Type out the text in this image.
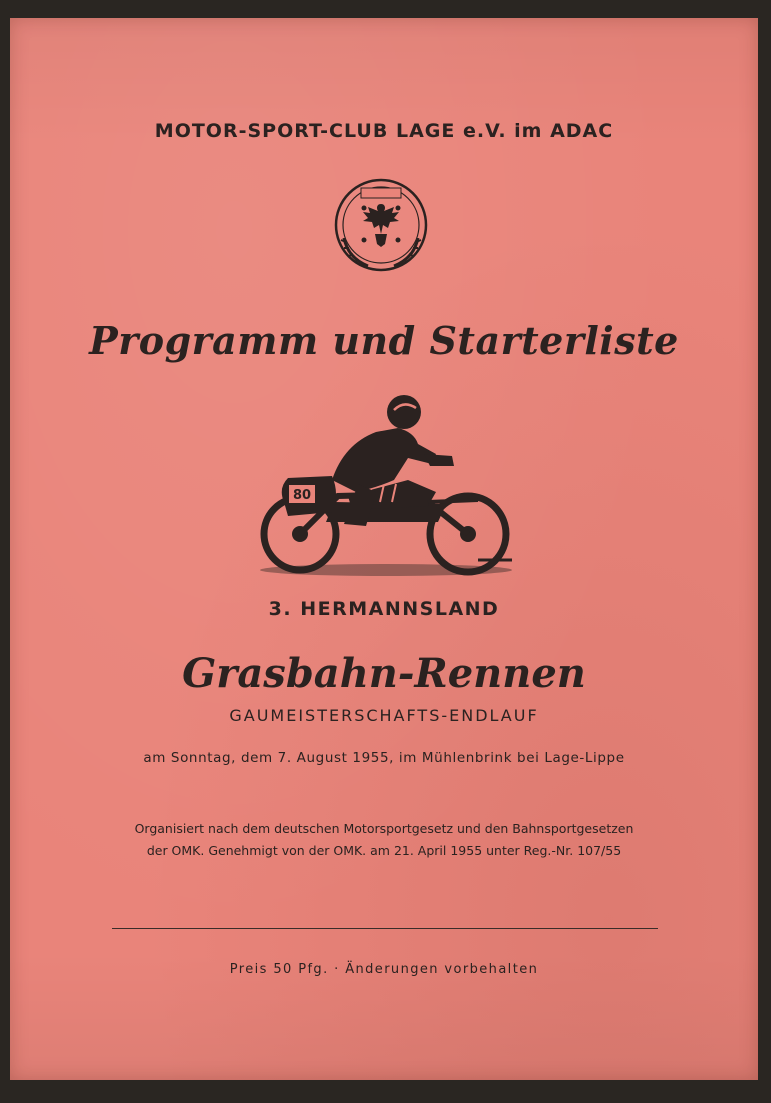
MOTOR-SPORT-CLUB LAGE e.V. im ADAC
Programm und Starterliste
80
3. HERMANNSLAND
Grasbahn-Rennen
GAUMEISTERSCHAFTS-ENDLAUF
am Sonntag, dem 7. August 1955, im Mühlenbrink bei Lage-Lippe
Organisiert nach dem deutschen Motorsportgesetz und den Bahnsportgesetzen
der OMK. Genehmigt von der OMK. am 21. April 1955 unter Reg.-Nr. 107/55
Preis 50 Pfg. · Änderungen vorbehalten
